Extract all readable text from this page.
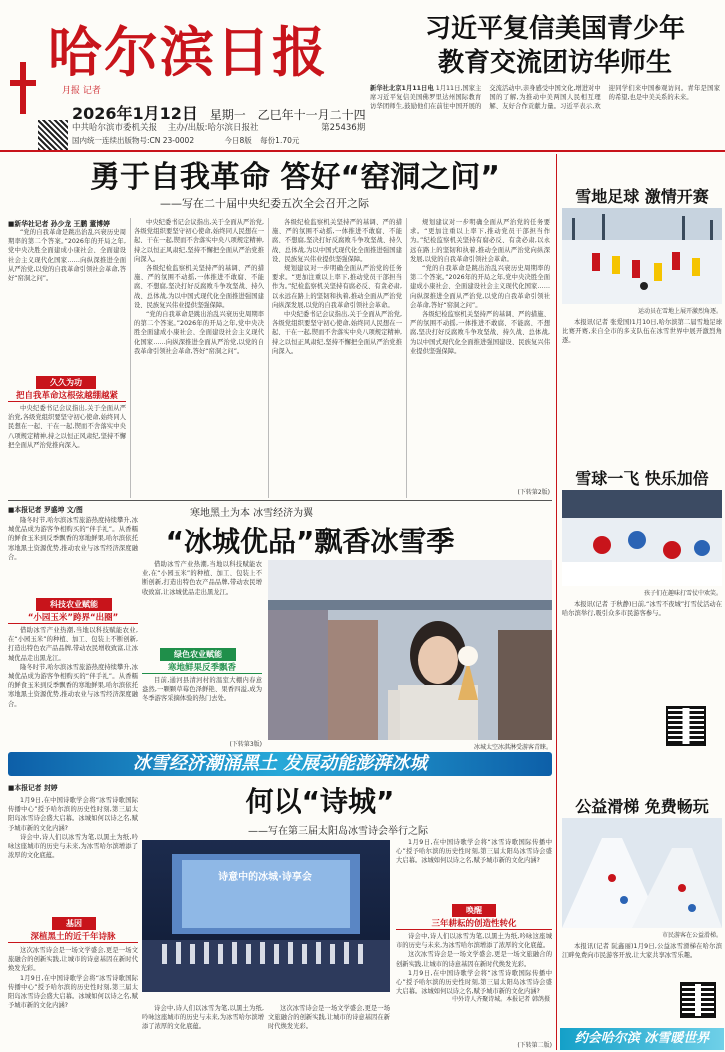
哈尔滨日报
月报 记者
2026年1月12日 星期一 乙巳年十一月二十四
中共哈尔滨市委机关报 主办/出版:哈尔滨日报社	第25436期
国内统一连续出版物号:CN 23-0002	今日8版 每份1.70元
习近平复信美国青少年
教育交流团访华师生
新华社北京1月11日电 1月11日,国家主席习近平复信美国佛罗里达州国际教育访华团师生,鼓励他们在前往中国开展的交流活动中,亲身感受中国文化,增进对中国的了解,为推动中美两国人民相互理解、友好合作贡献力量。习近平表示,欢迎同学们来中国参观访问。青年是国家的希望,也是中美关系的未来。
勇于自我革命 答好“窑洞之问”
——写在二十届中央纪委五次全会召开之际
■新华社记者 孙少龙 王鹏 董博婷

“党的自我革命是跳出治乱兴衰历史周期率的第二个答案。”2026年的开局之年,党中央决胜全面建成小康社会、全面建设社会主义现代化国家……向纵深推进全面从严治党,以党的自我革命引领社会革命,答好“窑洞之问”。

久久为功
把自我革命这根弦越绷越紧

中央纪委书记会议指出,关于全面从严治党,各级党组织要坚守初心使命,始终同人民想在一起、干在一起,锲而不舍落实中央八项规定精神,持之以恒正风肃纪,坚持不懈把全面从严治党推向深入。

中央纪委书记会议指出,关于全面从严治党,各级党组织要坚守初心使命,始终同人民想在一起、干在一起,锲而不舍落实中央八项规定精神,持之以恒正风肃纪,坚持不懈把全面从严治党推向深入。

各级纪检监察机关坚持严的基调、严的措施、严的氛围不动摇,一体推进不敢腐、不能腐、不想腐,坚决打好反腐败斗争攻坚战、持久战、总体战,为以中国式现代化全面推进强国建设、民族复兴伟业提供坚强保障。

“党的自我革命是跳出治乱兴衰历史周期率的第二个答案。”2026年的开局之年,党中央决胜全面建成小康社会、全面建设社会主义现代化国家……向纵深推进全面从严治党,以党的自我革命引领社会革命,答好“窑洞之问”。

各级纪检监察机关坚持严的基调、严的措施、严的氛围不动摇,一体推进不敢腐、不能腐、不想腐,坚决打好反腐败斗争攻坚战、持久战、总体战,为以中国式现代化全面推进强国建设、民族复兴伟业提供坚强保障。

规划建议对一步明确全面从严治党的任务要求。“更加注重以上率下,推动党员干部担当作为。”纪检监察机关坚持有腐必反、有贪必肃,以永远在路上的坚韧和执着,推动全面从严治党向纵深发展,以党的自我革命引领社会革命。

中央纪委书记会议指出,关于全面从严治党,各级党组织要坚守初心使命,始终同人民想在一起、干在一起,锲而不舍落实中央八项规定精神,持之以恒正风肃纪,坚持不懈把全面从严治党推向深入。

规划建议对一步明确全面从严治党的任务要求。“更加注重以上率下,推动党员干部担当作为。”纪检监察机关坚持有腐必反、有贪必肃,以永远在路上的坚韧和执着,推动全面从严治党向纵深发展,以党的自我革命引领社会革命。

“党的自我革命是跳出治乱兴衰历史周期率的第二个答案。”2026年的开局之年,党中央决胜全面建成小康社会、全面建设社会主义现代化国家……向纵深推进全面从严治党,以党的自我革命引领社会革命,答好“窑洞之问”。

各级纪检监察机关坚持严的基调、严的措施、严的氛围不动摇,一体推进不敢腐、不能腐、不想腐,坚决打好反腐败斗争攻坚战、持久战、总体战,为以中国式现代化全面推进强国建设、民族复兴伟业提供坚强保障。

(下转第2版)
寒地黑土为本 冰雪经济为翼
“冰城优品”飘香冰雪季
■本报记者 罗盛坤 文/图

隆冬时节,哈尔滨冰雪旅游热度持续攀升,冰城优品成为游客争相购买的“伴手礼”。从香糯的鲜食玉米到反季飘香的寒地鲜果,哈尔滨依托寒地黑土资源优势,推动农业与冰雪经济深度融合。

科技农业赋能
“小园玉米”跨界“出圈”

借助冰雪产业热潮,当地以科技赋能农业,在“小园玉米”的种植、加工、包装上不断创新,打造出特色农产品品牌,带动农民增收致富,让冰城优品走出黑龙江。

隆冬时节,哈尔滨冰雪旅游热度持续攀升,冰城优品成为游客争相购买的“伴手礼”。从香糯的鲜食玉米到反季飘香的寒地鲜果,哈尔滨依托寒地黑土资源优势,推动农业与冰雪经济深度融合。

借助冰雪产业热潮,当地以科技赋能农业,在“小园玉米”的种植、加工、包装上不断创新,打造出特色农产品品牌,带动农民增收致富,让冰城优品走出黑龙江。

绿色农业赋能
寒地鲜果反季飘香

目前,通河县清河村的温室大棚内春意盎然,一颗颗草莓色泽鲜艳、果香四溢,成为冬季游客采摘体验的热门去处。

(下转第3版)	冰城太空冰淇淋受游客青睐。
冰雪经济潮涌黑土 发展动能澎湃冰城
何以“诗城”
——写在第三届太阳岛冰雪诗会举行之际
■本报记者 封婷

1月9日,在中国诗歌学会将“冰雪诗歌国际传播中心”授予哈尔滨的历史性时刻,第三届太阳岛冰雪诗会盛大启幕。冰城如何以诗之名,赋予城市新的文化内涵?

诗会中,诗人们以冰雪为笔,以黑土为纸,吟咏这座城市的历史与未来,为冰雪哈尔滨增添了浓厚的文化底蕴。

基因
深植黑土的近千年诗脉

这次冰雪诗会是一场文学盛会,更是一场文旅融合的创新实践,让城市的诗意基因在新时代焕发光彩。

1月9日,在中国诗歌学会将“冰雪诗歌国际传播中心”授予哈尔滨的历史性时刻,第三届太阳岛冰雪诗会盛大启幕。冰城如何以诗之名,赋予城市新的文化内涵?

诗意中的冰城·诗享会
中外诗人齐聚诗城。本报记者 韩鸽摄

诗会中,诗人们以冰雪为笔,以黑土为纸,吟咏这座城市的历史与未来,为冰雪哈尔滨增添了浓厚的文化底蕴。

这次冰雪诗会是一场文学盛会,更是一场文旅融合的创新实践,让城市的诗意基因在新时代焕发光彩。

1月9日,在中国诗歌学会将“冰雪诗歌国际传播中心”授予哈尔滨的历史性时刻,第三届太阳岛冰雪诗会盛大启幕。冰城如何以诗之名,赋予城市新的文化内涵?

唤醒
三年耕耘的创造性转化

诗会中,诗人们以冰雪为笔,以黑土为纸,吟咏这座城市的历史与未来,为冰雪哈尔滨增添了浓厚的文化底蕴。

这次冰雪诗会是一场文学盛会,更是一场文旅融合的创新实践,让城市的诗意基因在新时代焕发光彩。

1月9日,在中国诗歌学会将“冰雪诗歌国际传播中心”授予哈尔滨的历史性时刻,第三届太阳岛冰雪诗会盛大启幕。冰城如何以诗之名,赋予城市新的文化内涵?

(下转第二版)
雪地足球 激情开赛
运动员在雪地上展开激烈角逐。

本报讯(记者 张爱国)1月10日,哈尔滨第二届雪地足球比赛开赛,来自全市的多支队伍在冰雪世界中展开激烈角逐。

雪球一飞 快乐加倍
孩子们在趣味打雪仗中欢笑。

本报讯(记者 于秋静)日前,“冰雪不夜城”打雪仗活动在哈尔滨举行,吸引众多市民游客参与。

公益滑梯 免费畅玩
市民游客在公益滑梯。

本报讯(记者 阮鑫丽)1月9日,公益冰雪滑梯在哈尔滨江畔免费向市民游客开放,让大家共享冰雪乐趣。

约会哈尔滨 冰雪暖世界
